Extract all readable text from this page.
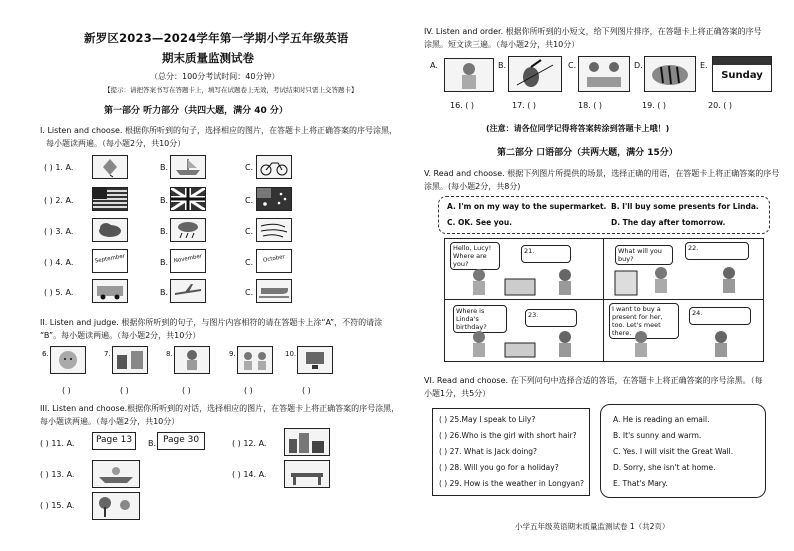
新罗区2023—2024学年第一学期小学五年级英语
期末质量监测试卷
（总分：100分考试时间：40分钟）
【提示：请把答案书写在答题卡上，填写在试题卷上无效，考试结束时只需上交答题卡】
第一部分 听力部分（共四大题，满分 40 分）
I. Listen and choose. 根据你所听到的句子，选择相应的图片，在答题卡上将正确答案的序号涂黑，
每小题读两遍。（每小题2分，共10分）
( ) 1. A.	B.	C.
( ) 2. A.	B.	C.
( ) 3. A.	B.	C.
( ) 4. A.	September	B. November	C.	October
( ) 5. A.	B.	C.
II. Listen and judge. 根据你所听到的句子，与图片内容相符的请在答题卡上涂“A”，不符的请涂
“B”。每小题读两遍。（每小题2分，共10分）
6.	7.	8.	9.	10.
( )	( )	( )	( )	( )
III. Listen and choose.根据你所听到的对话，选择相应的图片，在答题卡上将正确答案的序号涂黑，
每小题读两遍。（每小题2分，共10分）
( ) 11. A.	Page 13	B. Page 30	( ) 12. A.
( ) 13. A.	( ) 14. A.
( ) 15. A.
IV. Listen and order. 根据你所听到的小短文，给下列图片排序，在答题卡上将正确答案的序号
涂黑。短文读三遍。（每小题2分，共10分）
A.	B.	C.	D.	E.
Sunday
16. ( )	17. ( )	18. ( )	19. ( )	20. ( )
(注意：请各位同学记得将答案转涂到答题卡上哦！)
第二部分 口语部分（共两大题，满分 15分）
V. Read and choose. 根据下列图片所提供的场景，选择正确的用语，在答题卡上将正确答案的序号
涂黑。(每小题2分，共8分)
A. I'm on my way to the supermarket. B. I'll buy some presents for Linda.
C. OK. See you.	D. The day after tomorrow.
Hello, Lucy! Where are you?
21.	What will you buy?
22.
Where is Linda's birthday?
23.
I want to buy a present for her, too. Let's meet there.
24.
VI. Read and choose. 在下列问句中选择合适的答语，在答题卡上将正确答案的序号涂黑。（每
小题1分，共5分）
( ) 25.May I speak to Lily?
( ) 26.Who is the girl with short hair?
( ) 27. What is Jack doing?
( ) 28. Will you go for a holiday?
( ) 29. How is the weather in Longyan?
A. He is reading an email.
B. It's sunny and warm.
C. Yes. I will visit the Great Wall.
D. Sorry, she isn't at home.
E. That's Mary.
小学五年级英语期末质量监测试卷 1（共2页）
